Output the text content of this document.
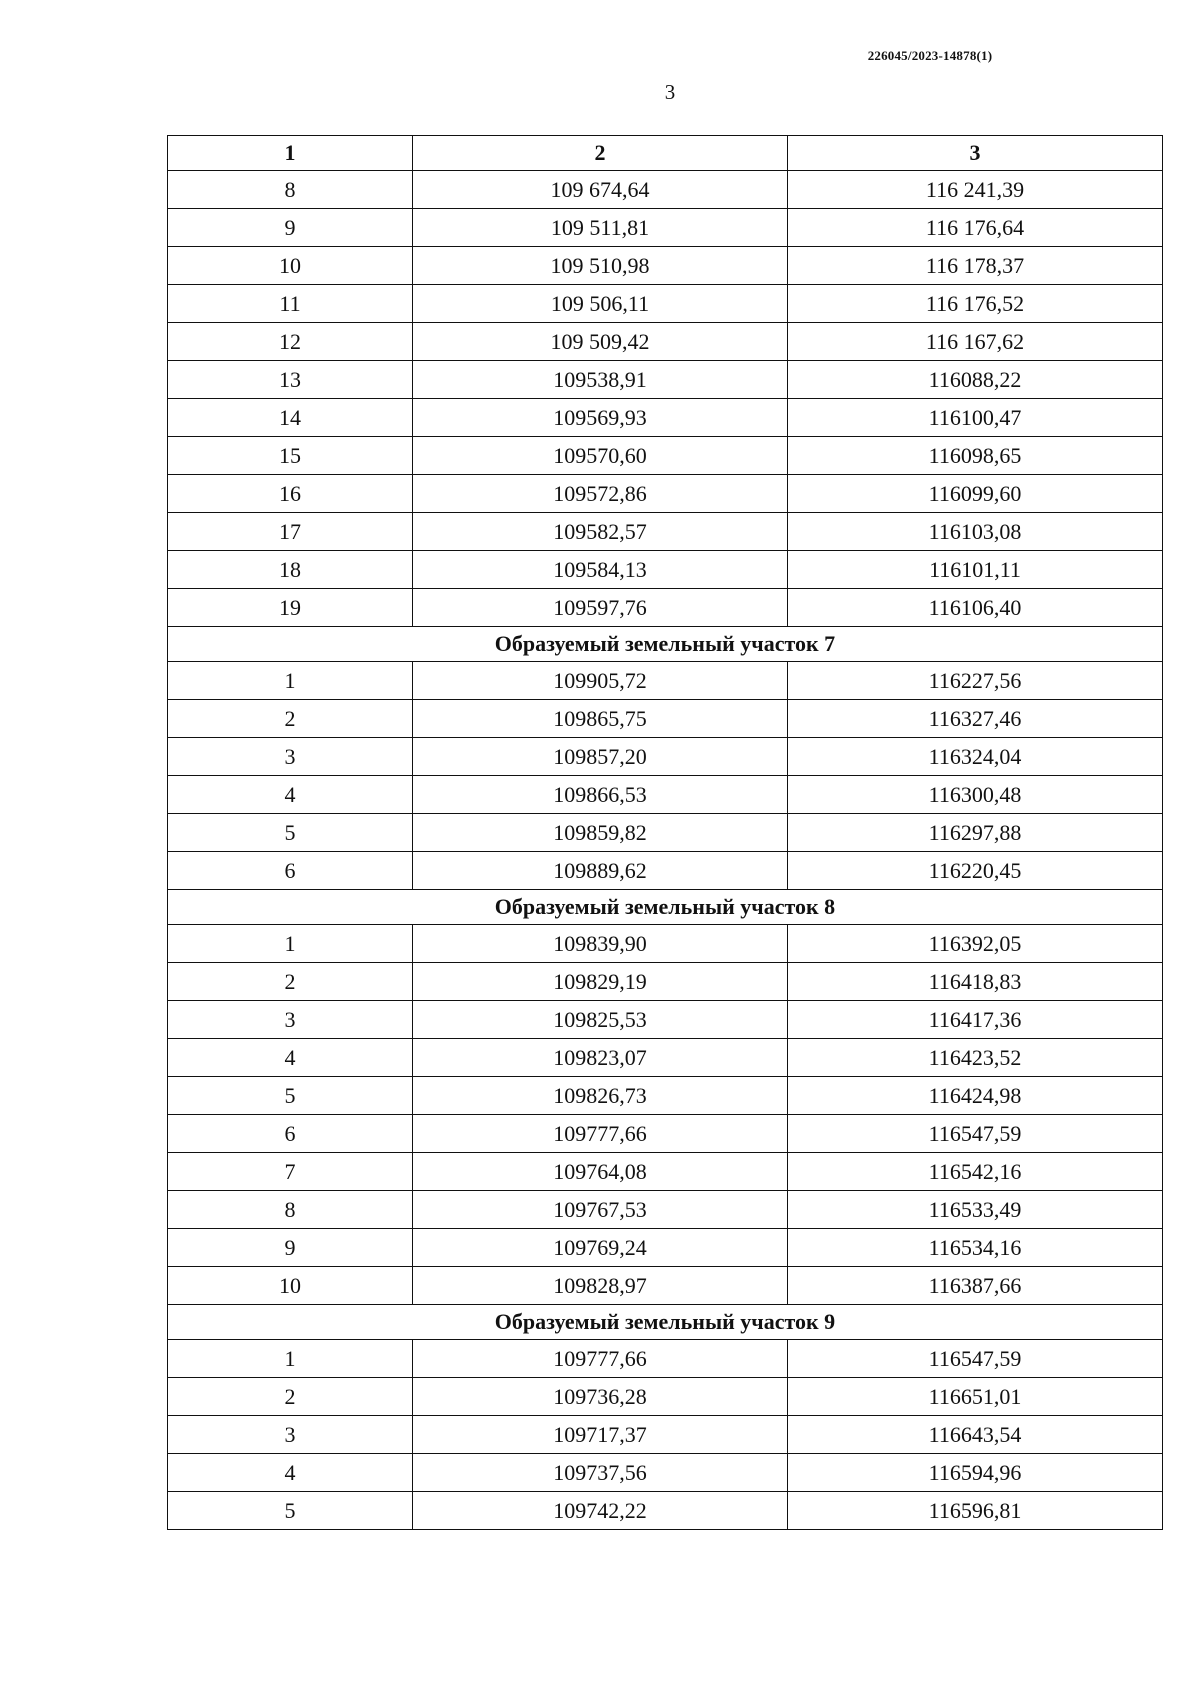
226045/2023-14878(1)
3
1	2	3
8	109 674,64	116 241,39
9	109 511,81	116 176,64
10	109 510,98	116 178,37
11	109 506,11	116 176,52
12	109 509,42	116 167,62
13	109538,91	116088,22
14	109569,93	116100,47
15	109570,60	116098,65
16	109572,86	116099,60
17	109582,57	116103,08
18	109584,13	116101,11
19	109597,76	116106,40
Образуемый земельный участок 7		
1	109905,72	116227,56
2	109865,75	116327,46
3	109857,20	116324,04
4	109866,53	116300,48
5	109859,82	116297,88
6	109889,62	116220,45
Образуемый земельный участок 8		
1	109839,90	116392,05
2	109829,19	116418,83
3	109825,53	116417,36
4	109823,07	116423,52
5	109826,73	116424,98
6	109777,66	116547,59
7	109764,08	116542,16
8	109767,53	116533,49
9	109769,24	116534,16
10	109828,97	116387,66
Образуемый земельный участок 9		
1	109777,66	116547,59
2	109736,28	116651,01
3	109717,37	116643,54
4	109737,56	116594,96
5	109742,22	116596,81
